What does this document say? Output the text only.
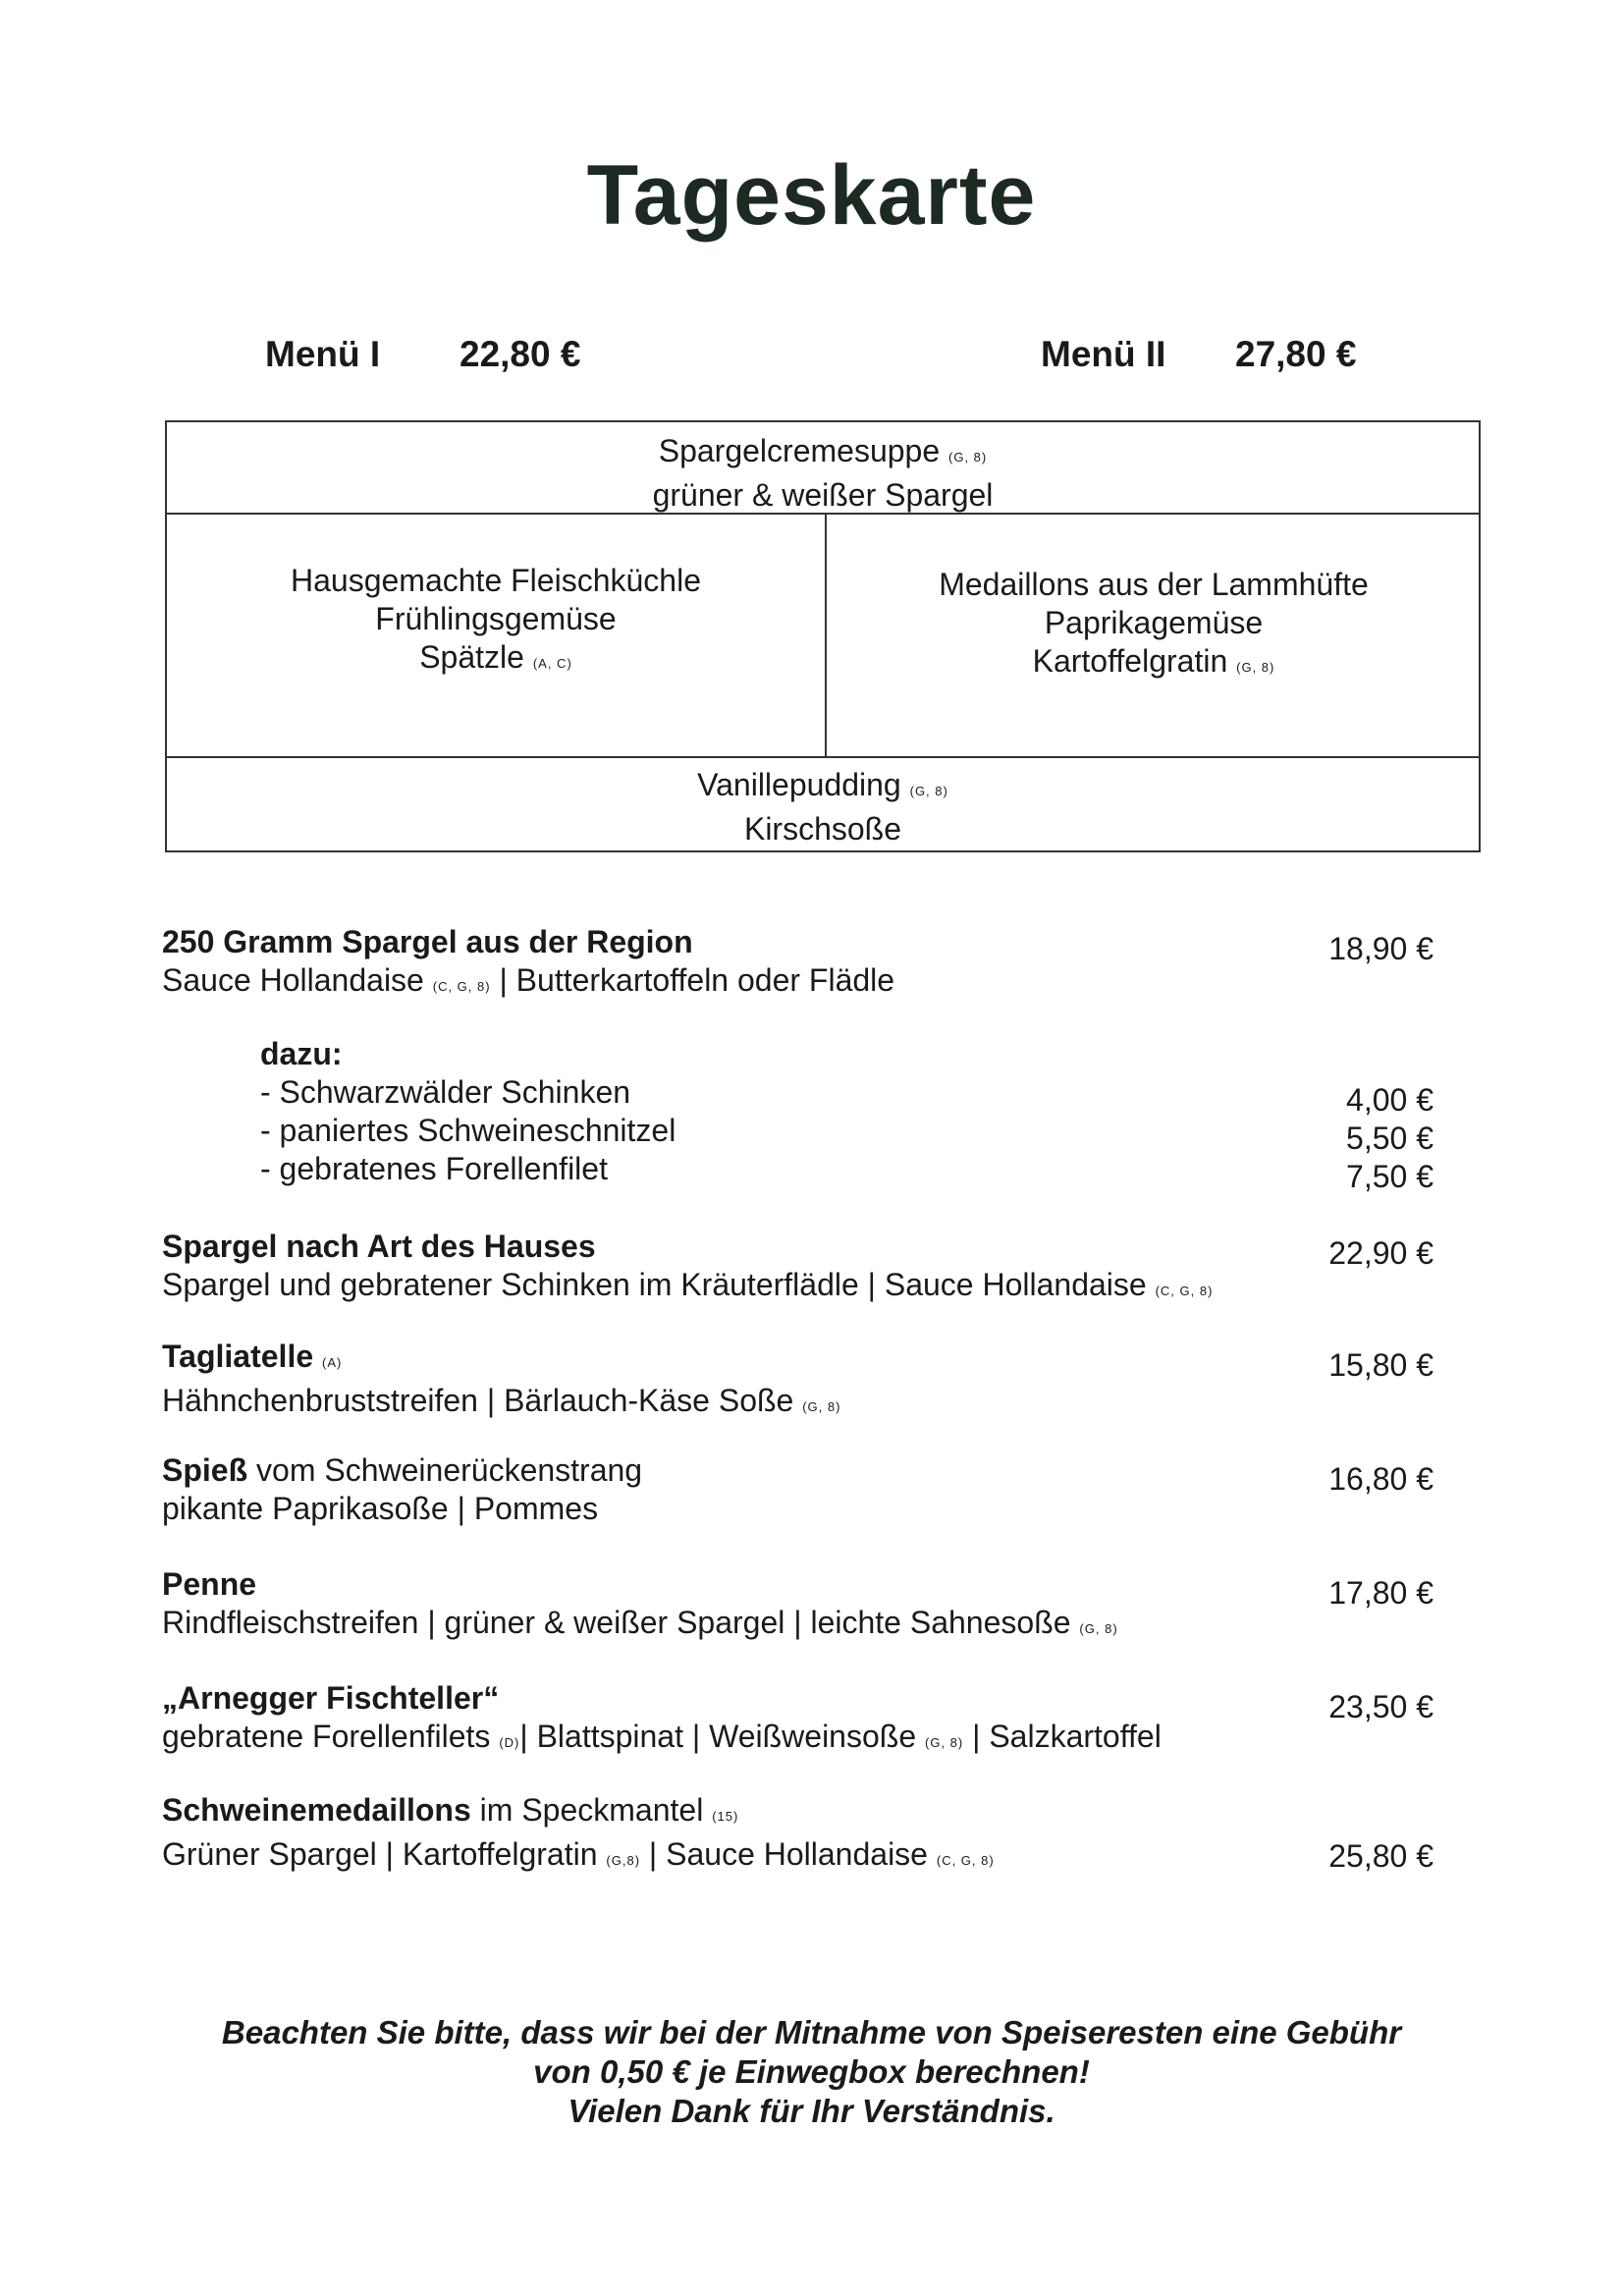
Tageskarte
Menü I 22,80 €	Menü II 27,80 €
Spargelcremesuppe (G, 8)
grüner & weißer Spargel
Hausgemachte Fleischküchle
Frühlingsgemüse
Spätzle (A, C)
Medaillons aus der Lammhüfte
Paprikagemüse
Kartoffelgratin (G, 8)
Vanillepudding (G, 8)
Kirschsoße
250 Gramm Spargel aus der Region
Sauce Hollandaise (C, G, 8) | Butterkartoffeln oder Flädle
18,90 €
dazu:
- Schwarzwälder Schinken
- paniertes Schweineschnitzel
- gebratenes Forellenfilet
4,00 €
5,50 €
7,50 €
Spargel nach Art des Hauses
Spargel und gebratener Schinken im Kräuterflädle | Sauce Hollandaise (C, G, 8)
22,90 €
Tagliatelle (A)
Hähnchenbruststreifen | Bärlauch-Käse Soße (G, 8)
15,80 €
Spieß vom Schweinerückenstrang
pikante Paprikasoße | Pommes
16,80 €
Penne
Rindfleischstreifen | grüner & weißer Spargel | leichte Sahnesoße (G, 8)
17,80 €
„Arnegger Fischteller“
gebratene Forellenfilets (D)| Blattspinat | Weißweinsoße (G, 8) | Salzkartoffel
23,50 €
Schweinemedaillons im Speckmantel (15)
Grüner Spargel | Kartoffelgratin (G,8) | Sauce Hollandaise (C, G, 8)	25,80 €
Beachten Sie bitte, dass wir bei der Mitnahme von Speiseresten eine Gebühr
von 0,50 € je Einwegbox berechnen!
Vielen Dank für Ihr Verständnis.
